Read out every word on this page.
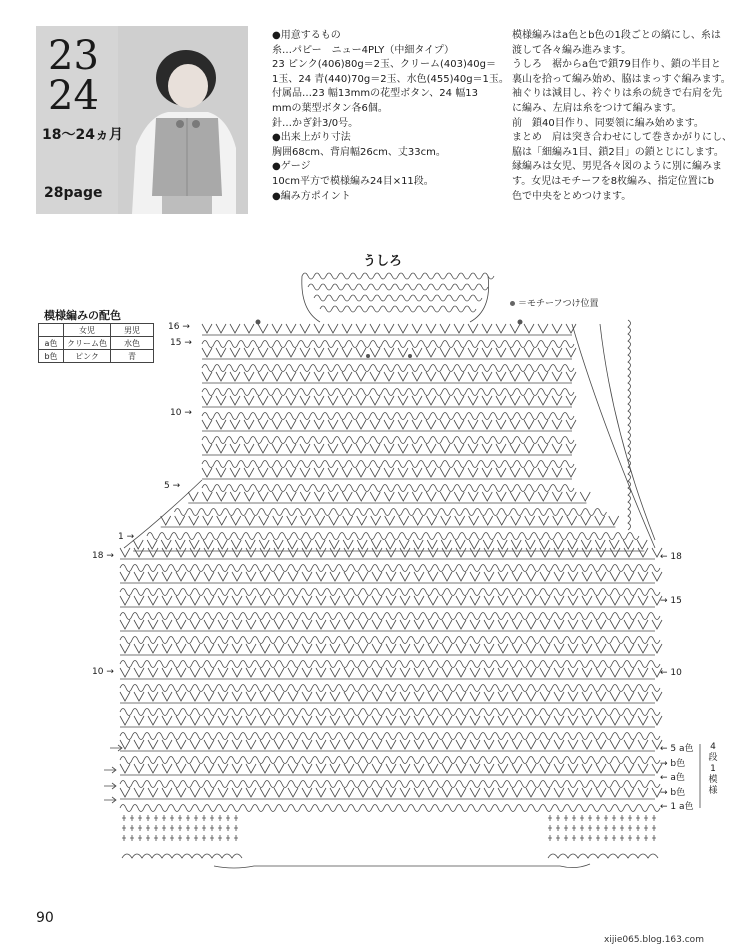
23
24
18〜24ヵ月
28page
●用意するもの
糸…パピー　ニュー4PLY（中細タイプ）
23 ピンク(406)80g＝2玉、クリーム(403)40g＝
1玉、24 青(440)70g＝2玉、水色(455)40g＝1玉。
付属品…23 幅13mmの花型ボタン、24 幅13
mmの葉型ボタン各6個。
針…かぎ針3/0号。
●出来上がり寸法
胸囲68cm、背肩幅26cm、丈33cm。
●ゲージ
10cm平方で模様編み24目×11段。
●編み方ポイント
模様編みはa色とb色の1段ごとの縞にし、糸は
渡して各々編み進みます。
うしろ　裾からa色で鎖79目作り、鎖の半目と
裏山を拾って編み始め、脇はまっすぐ編みます。
袖ぐりは減目し、衿ぐりは糸の続きで右肩を先
に編み、左肩は糸をつけて編みます。
前　鎖40目作り、同要領に編み始めます。
まとめ　肩は突き合わせにして巻きかがりにし、
脇は「細編み1目、鎖2目」の鎖とじにします。
縁編みは女児、男児各々図のように別に編みま
す。女児はモチーフを8枚編み、指定位置にb
色で中央をとめつけます。
うしろ
＝モチーフつけ位置
模様編みの配色
	女児	男児
a色	クリーム色	水色
b色	ピンク	青
16 →
15 →
10 →
5 →
1 →
18 →
10 →
← 18
→ 15
← 10
← 5 a色
→ b色
← a色
→ b色
← 1 a色
4段1模様
90
xijie065.blog.163.com
